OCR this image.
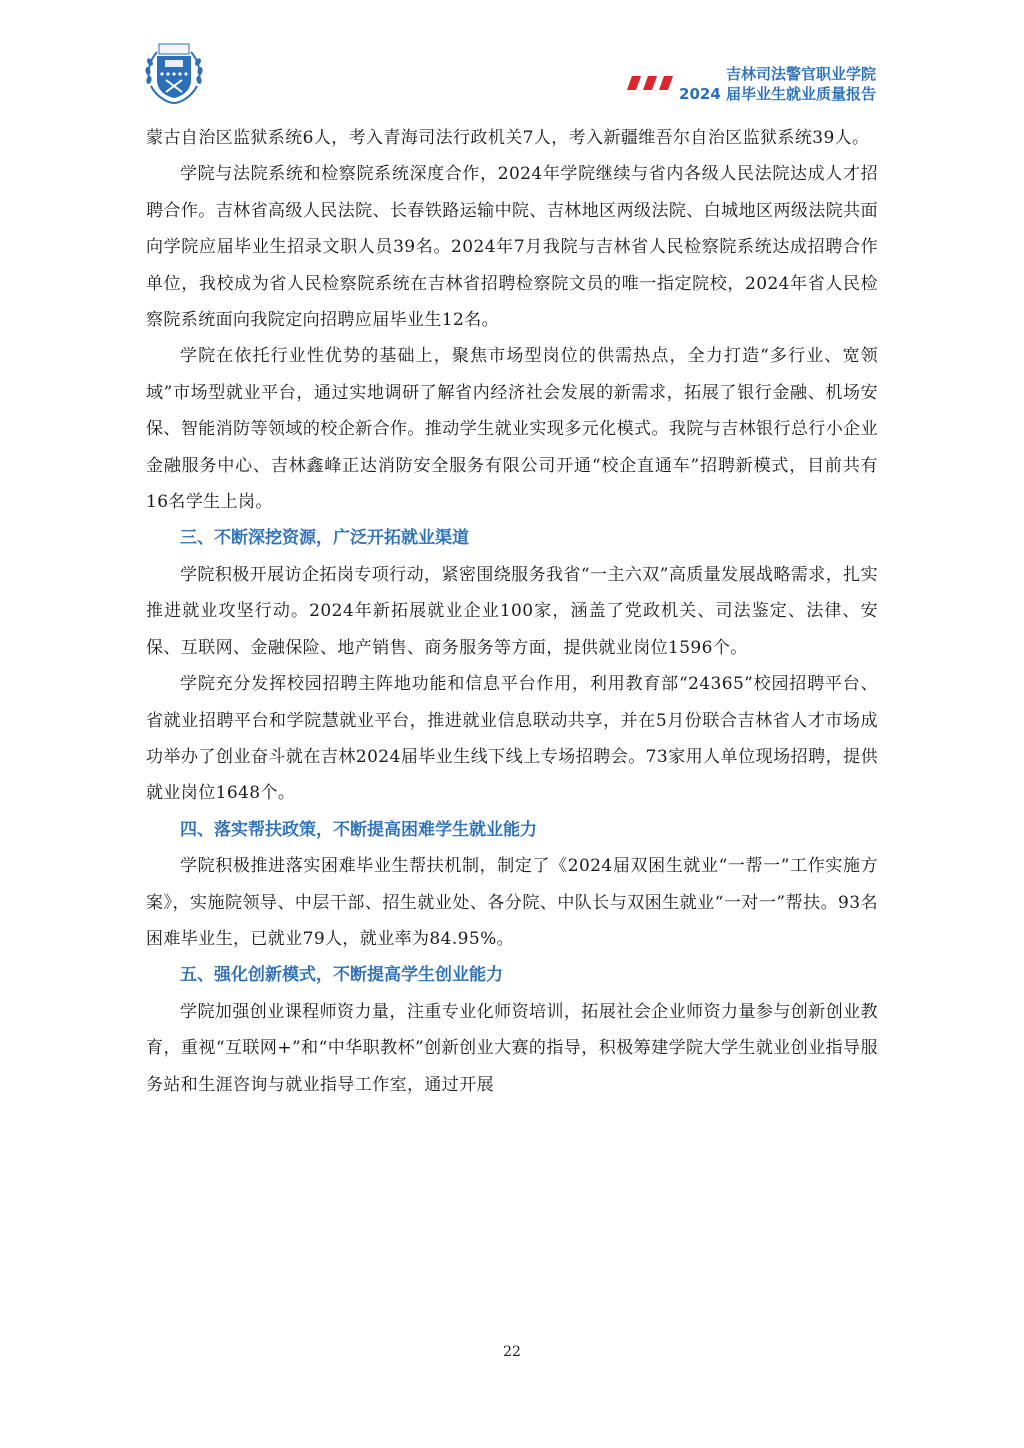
吉林司法警官职业学院
2024 届毕业生就业质量报告

蒙古自治区监狱系统6人，考入青海司法行政机关7人，考入新疆维吾尔自治区监狱系统39人。

学院与法院系统和检察院系统深度合作，2024年学院继续与省内各级人民法院达成人才招聘合作。吉林省高级人民法院、长春铁路运输中院、吉林地区两级法院、白城地区两级法院共面向学院应届毕业生招录文职人员39名。2024年7月我院与吉林省人民检察院系统达成招聘合作单位，我校成为省人民检察院系统在吉林省招聘检察院文员的唯一指定院校，2024年省人民检察院系统面向我院定向招聘应届毕业生12名。

学院在依托行业性优势的基础上，聚焦市场型岗位的供需热点，全力打造“多行业、宽领域”市场型就业平台，通过实地调研了解省内经济社会发展的新需求，拓展了银行金融、机场安保、智能消防等领域的校企新合作。推动学生就业实现多元化模式。我院与吉林银行总行小企业金融服务中心、吉林鑫峰正达消防安全服务有限公司开通“校企直通车”招聘新模式，目前共有16名学生上岗。

三、不断深挖资源，广泛开拓就业渠道

学院积极开展访企拓岗专项行动，紧密围绕服务我省“一主六双”高质量发展战略需求，扎实推进就业攻坚行动。2024年新拓展就业企业100家，涵盖了党政机关、司法鉴定、法律、安保、互联网、金融保险、地产销售、商务服务等方面，提供就业岗位1596个。

学院充分发挥校园招聘主阵地功能和信息平台作用，利用教育部“24365”校园招聘平台、省就业招聘平台和学院慧就业平台，推进就业信息联动共享，并在5月份联合吉林省人才市场成功举办了创业奋斗就在吉林2024届毕业生线下线上专场招聘会。73家用人单位现场招聘，提供就业岗位1648个。

四、落实帮扶政策，不断提高困难学生就业能力

学院积极推进落实困难毕业生帮扶机制，制定了《2024届双困生就业“一帮一”工作实施方案》，实施院领导、中层干部、招生就业处、各分院、中队长与双困生就业“一对一”帮扶。93名困难毕业生，已就业79人，就业率为84.95%。

五、强化创新模式，不断提高学生创业能力

学院加强创业课程师资力量，注重专业化师资培训，拓展社会企业师资力量参与创新创业教育，重视“互联网+”和“中华职教杯”创新创业大赛的指导，积极筹建学院大学生就业创业指导服务站和生涯咨询与就业指导工作室，通过开展

22
